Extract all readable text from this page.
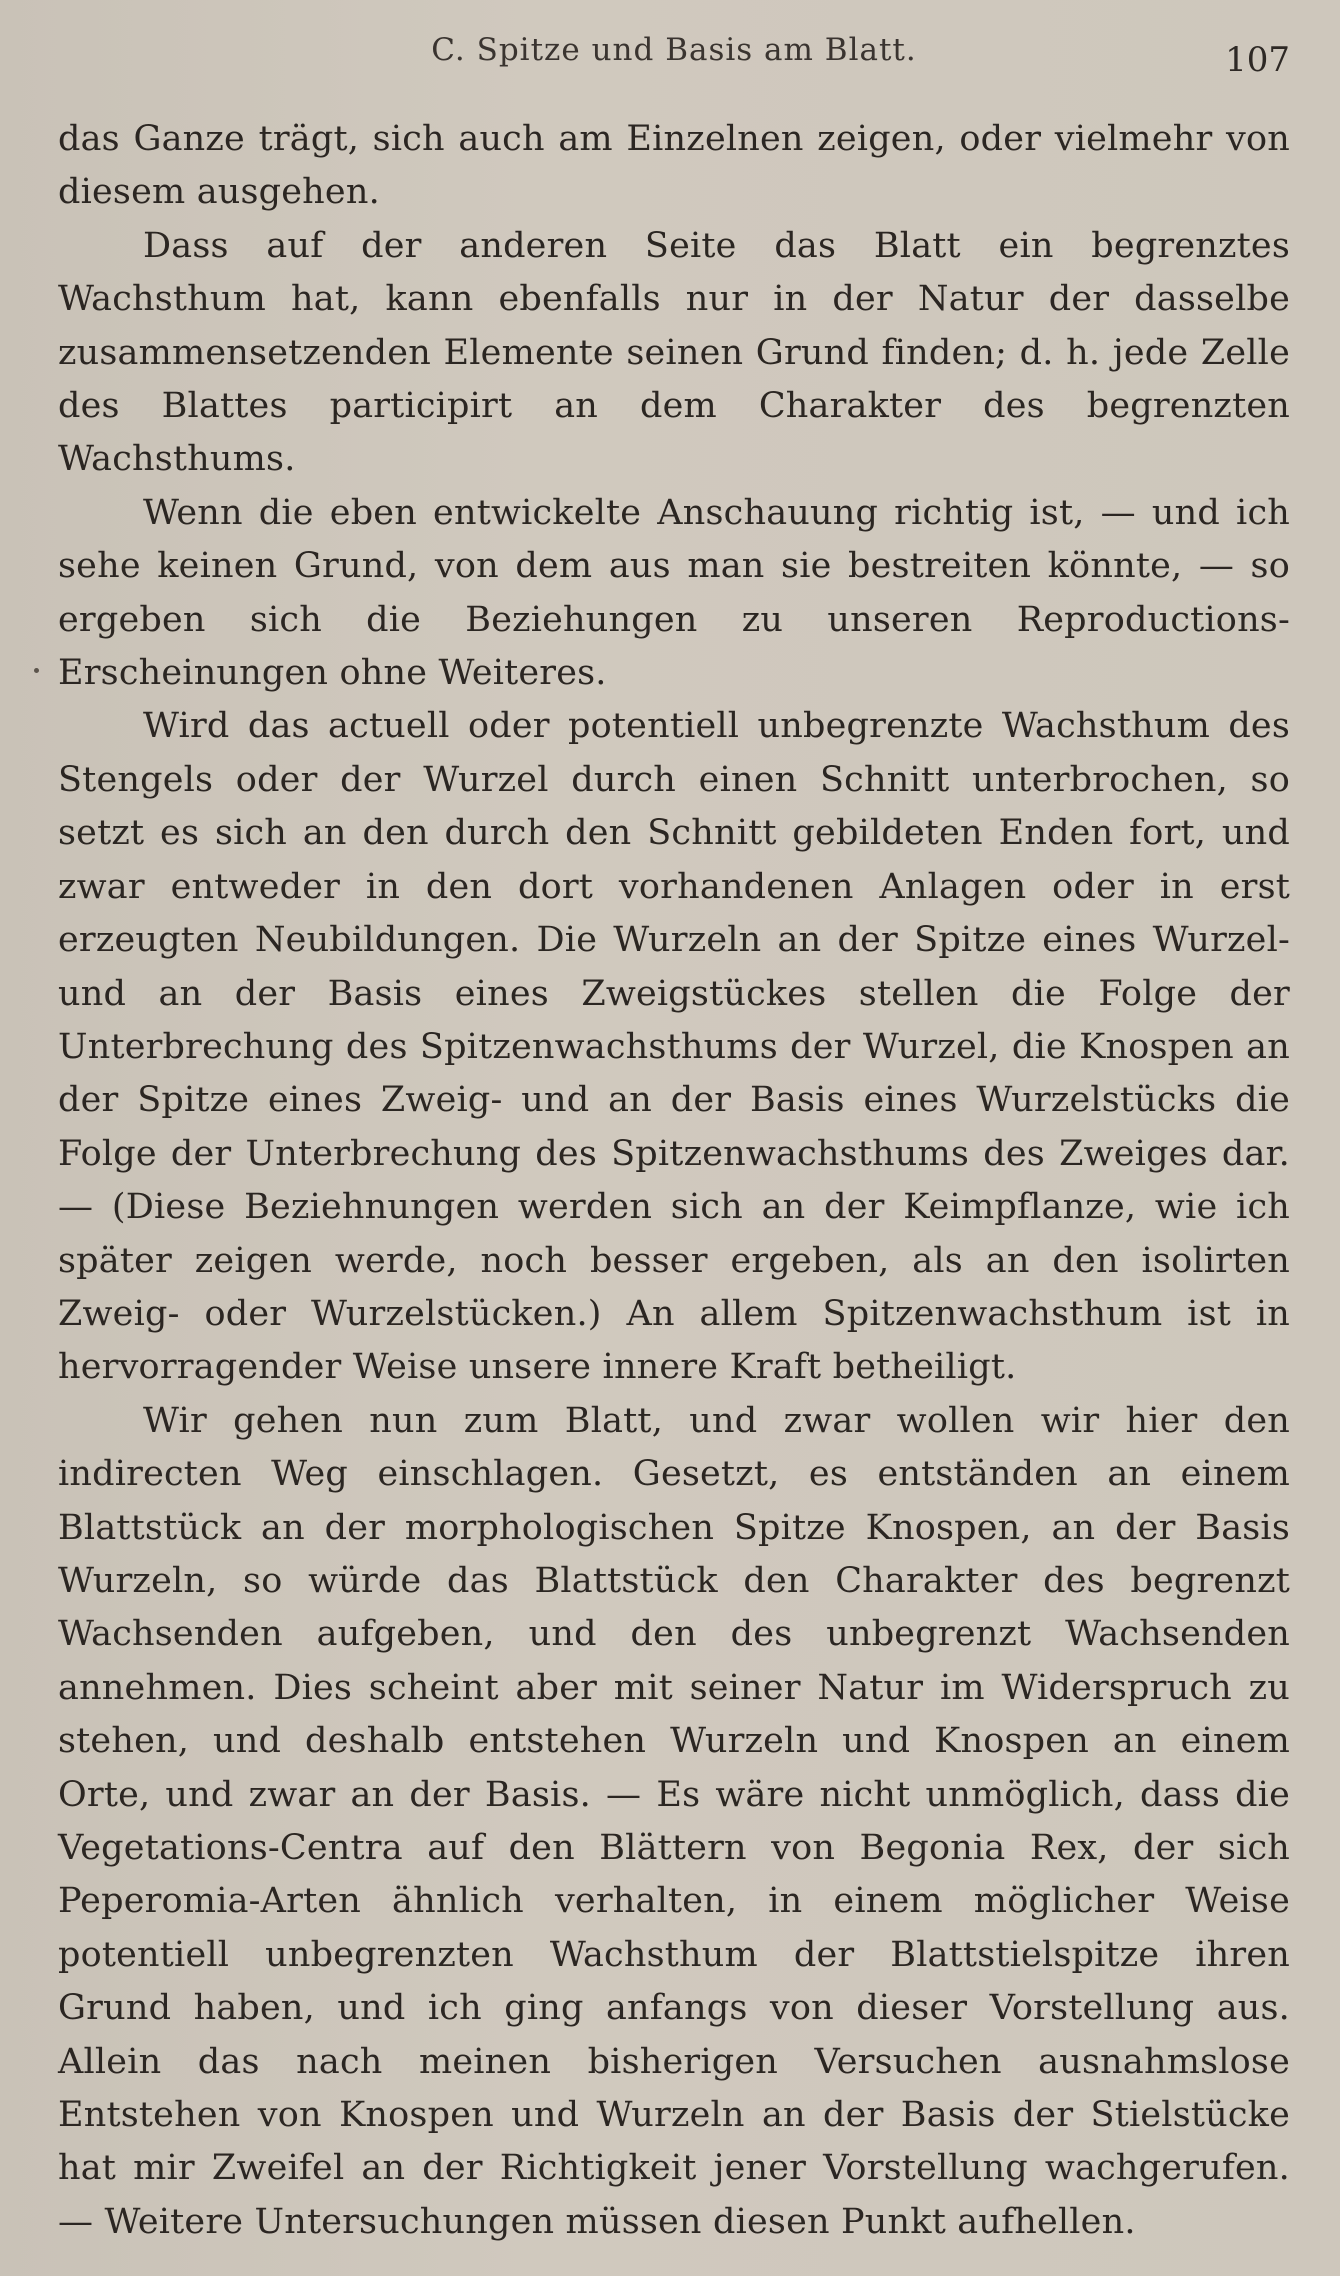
C. Spitze und Basis am Blatt.	107

das Ganze trägt, sich auch am Einzelnen zeigen, oder vielmehr von diesem ausgehen.

Dass auf der anderen Seite das Blatt ein begrenztes Wachsthum hat, kann ebenfalls nur in der Natur der dasselbe zusammensetzenden Elemente seinen Grund finden; d. h. jede Zelle des Blattes participirt an dem Charakter des begrenzten Wachsthums.

Wenn die eben entwickelte Anschauung richtig ist, — und ich sehe keinen Grund, von dem aus man sie bestreiten könnte, — so ergeben sich die Beziehungen zu unseren Reproductions-Erscheinungen ohne Weiteres.

Wird das actuell oder potentiell unbegrenzte Wachsthum des Stengels oder der Wurzel durch einen Schnitt unterbrochen, so setzt es sich an den durch den Schnitt gebildeten Enden fort, und zwar entweder in den dort vorhandenen Anlagen oder in erst erzeugten Neubildungen. Die Wurzeln an der Spitze eines Wurzel- und an der Basis eines Zweigstückes stellen die Folge der Unterbrechung des Spitzenwachsthums der Wurzel, die Knospen an der Spitze eines Zweig- und an der Basis eines Wurzelstücks die Folge der Unterbrechung des Spitzenwachsthums des Zweiges dar. — (Diese Beziehnungen werden sich an der Keimpflanze, wie ich später zeigen werde, noch besser ergeben, als an den isolirten Zweig- oder Wurzelstücken.) An allem Spitzenwachsthum ist in hervorragender Weise unsere innere Kraft betheiligt.

Wir gehen nun zum Blatt, und zwar wollen wir hier den indirecten Weg einschlagen. Gesetzt, es entständen an einem Blattstück an der morphologischen Spitze Knospen, an der Basis Wurzeln, so würde das Blattstück den Charakter des begrenzt Wachsenden aufgeben, und den des unbegrenzt Wachsenden annehmen. Dies scheint aber mit seiner Natur im Widerspruch zu stehen, und deshalb entstehen Wurzeln und Knospen an einem Orte, und zwar an der Basis. — Es wäre nicht unmöglich, dass die Vegetations-Centra auf den Blättern von Begonia Rex, der sich Peperomia-Arten ähnlich verhalten, in einem möglicher Weise potentiell unbegrenzten Wachsthum der Blattstielspitze ihren Grund haben, und ich ging anfangs von dieser Vorstellung aus. Allein das nach meinen bisherigen Versuchen ausnahmslose Entstehen von Knospen und Wurzeln an der Basis der Stielstücke hat mir Zweifel an der Richtigkeit jener Vorstellung wachgerufen. — Weitere Untersuchungen müssen diesen Punkt aufhellen.
